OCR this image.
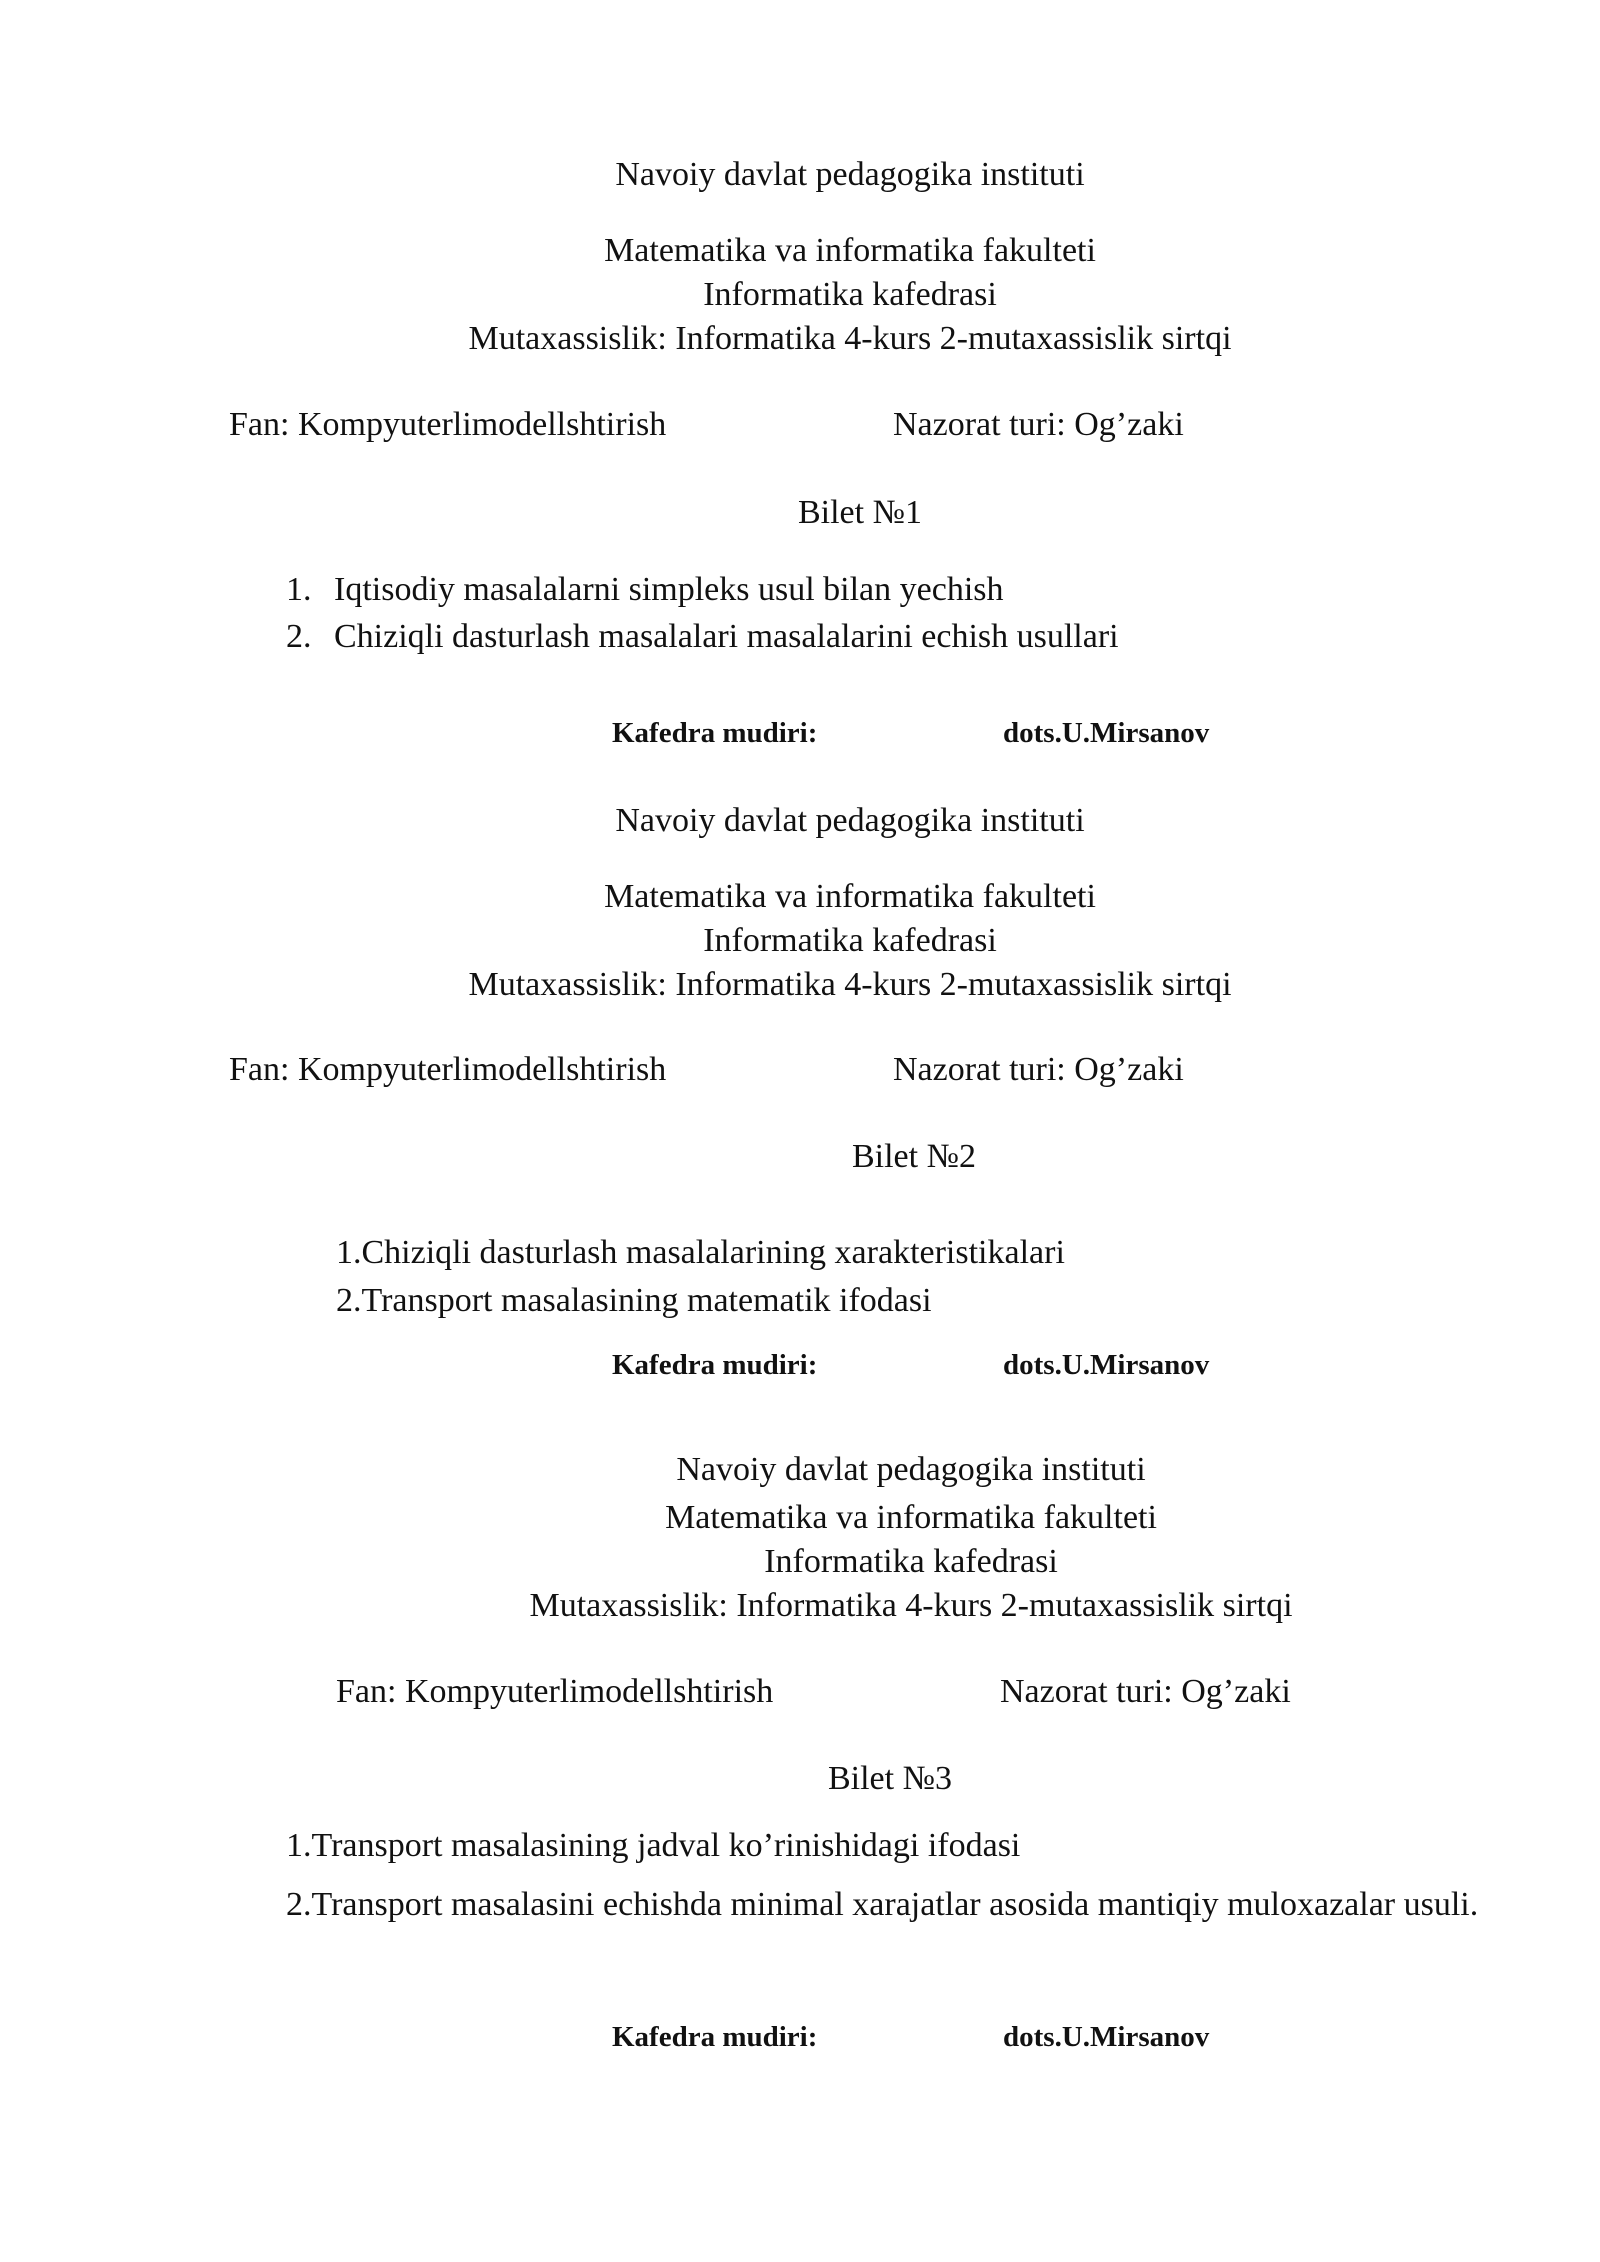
Navoiy davlat pedagogika instituti
Matematika va informatika fakulteti
Informatika kafedrasi
Mutaxassislik: Informatika 4-kurs 2-mutaxassislik sirtqi
Fan: Kompyuterlimodellshtirish	Nazorat turi: Og’zaki
Bilet №1
1. Iqtisodiy masalalarni simpleks usul bilan yechish
2. Chiziqli dasturlash masalalari masalalarini echish usullari
Kafedra mudiri:	dots.U.Mirsanov
Navoiy davlat pedagogika instituti
Matematika va informatika fakulteti
Informatika kafedrasi
Mutaxassislik: Informatika 4-kurs 2-mutaxassislik sirtqi
Fan: Kompyuterlimodellshtirish	Nazorat turi: Og’zaki
Bilet №2
1.Chiziqli dasturlash masalalarining xarakteristikalari
2.Transport masalasining matematik ifodasi
Kafedra mudiri:	dots.U.Mirsanov
Navoiy davlat pedagogika instituti
Matematika va informatika fakulteti
Informatika kafedrasi
Mutaxassislik: Informatika 4-kurs 2-mutaxassislik sirtqi
Fan: Kompyuterlimodellshtirish	Nazorat turi: Og’zaki
Bilet №3
1.Transport masalasining jadval ko’rinishidagi ifodasi
2.Transport masalasini echishda minimal xarajatlar asosida mantiqiy muloxazalar usuli.
Kafedra mudiri:	dots.U.Mirsanov
